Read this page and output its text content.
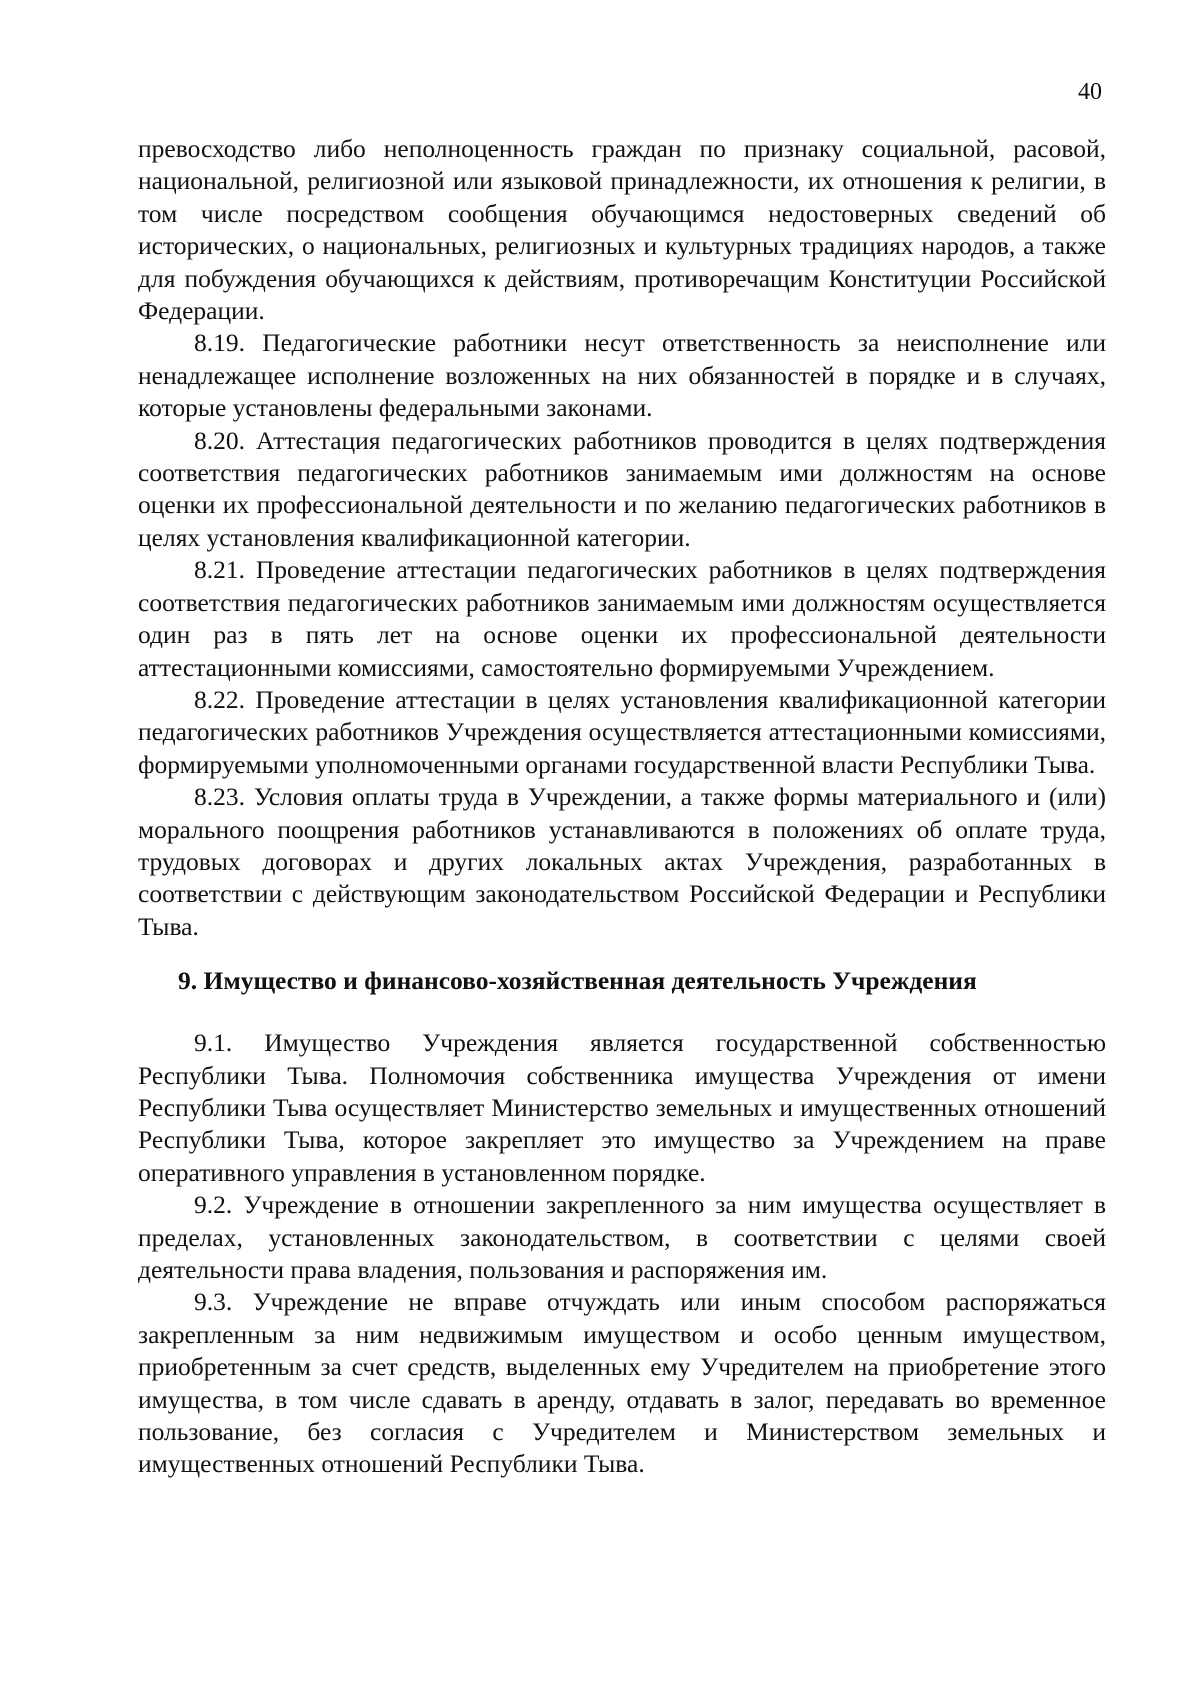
40

превосходство либо неполноценность граждан по признаку социальной, расовой, национальной, религиозной или языковой принадлежности, их отношения к религии, в том числе посредством сообщения обучающимся недостоверных сведений об исторических, о национальных, религиозных и культурных традициях народов, а также для побуждения обучающихся к действиям, противоречащим Конституции Российской Федерации.

8.19. Педагогические работники несут ответственность за неисполнение или ненадлежащее исполнение возложенных на них обязанностей в порядке и в случаях, которые установлены федеральными законами.

8.20. Аттестация педагогических работников проводится в целях подтверждения соответствия педагогических работников занимаемым ими должностям на основе оценки их профессиональной деятельности и по желанию педагогических работников в целях установления квалификационной категории.

8.21. Проведение аттестации педагогических работников в целях подтверждения соответствия педагогических работников занимаемым ими должностям осуществляется один раз в пять лет на основе оценки их профессиональной деятельности аттестационными комиссиями, самостоятельно формируемыми Учреждением.

8.22. Проведение аттестации в целях установления квалификационной категории педагогических работников Учреждения осуществляется аттестационными комиссиями, формируемыми уполномоченными органами государственной власти Республики Тыва.

8.23. Условия оплаты труда в Учреждении, а также формы материального и (или) морального поощрения работников устанавливаются в положениях об оплате труда, трудовых договорах и других локальных актах Учреждения, разработанных в соответствии с действующим законодательством Российской Федерации и Республики Тыва.

9. Имущество и финансово-хозяйственная деятельность Учреждения

9.1. Имущество Учреждения является государственной собственностью Республики Тыва. Полномочия собственника имущества Учреждения от имени Республики Тыва осуществляет Министерство земельных и имущественных отношений Республики Тыва, которое закрепляет это имущество за Учреждением на праве оперативного управления в установленном порядке.

9.2. Учреждение в отношении закрепленного за ним имущества осуществляет в пределах, установленных законодательством, в соответствии с целями своей деятельности права владения, пользования и распоряжения им.

9.3. Учреждение не вправе отчуждать или иным способом распоряжаться закрепленным за ним недвижимым имуществом и особо ценным имуществом, приобретенным за счет средств, выделенных ему Учредителем на приобретение этого имущества, в том числе сдавать в аренду, отдавать в залог, передавать во временное пользование, без согласия с Учредителем и Министерством земельных и имущественных отношений Республики Тыва.
